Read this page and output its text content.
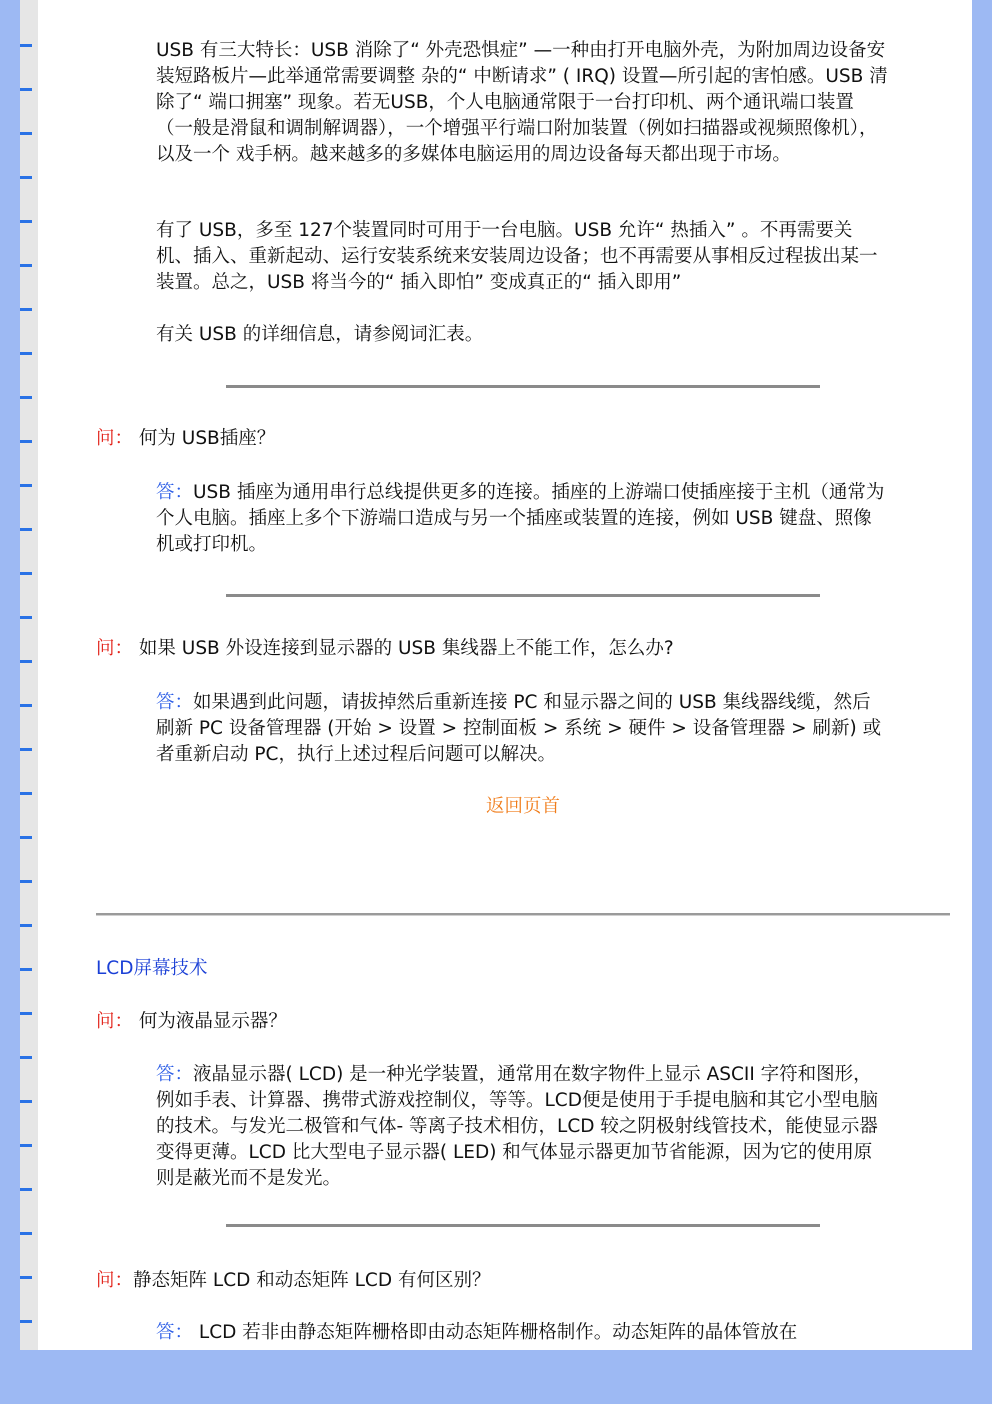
USB 有三大特长：USB 消除了“ 外壳恐惧症” —一种由打开电脑外壳，为附加周边设备安装短路板片—此举通常需要调整 杂的“ 中断请求” ( IRQ) 设置—所引起的害怕感。USB 清除了“ 端口拥塞” 现象。若无USB，个人电脑通常限于一台打印机、两个通讯端口装置（一般是滑鼠和调制解调器），一个增强平行端口附加装置（例如扫描器或视频照像机），以及一个 戏手柄。越来越多的多媒体电脑运用的周边设备每天都出现于市场。

有了 USB，多至 127个装置同时可用于一台电脑。USB 允许“ 热插入” 。不再需要关机、插入、重新起动、运行安装系统来安装周边设备；也不再需要从事相反过程拔出某一装置。总之，USB 将当今的“ 插入即怕” 变成真正的“ 插入即用”

有关 USB 的详细信息，请参阅词汇表。

问： 何为 USB插座？

答：USB 插座为通用串行总线提供更多的连接。插座的上游端口使插座接于主机（通常为个人电脑。插座上多个下游端口造成与另一个插座或装置的连接，例如 USB 键盘、照像机或打印机。

问： 如果 USB 外设连接到显示器的 USB 集线器上不能工作，怎么办?

答：如果遇到此问题，请拔掉然后重新连接 PC 和显示器之间的 USB 集线器线缆，然后刷新 PC 设备管理器 (开始 > 设置 > 控制面板 > 系统 > 硬件 > 设备管理器 > 刷新) 或者重新启动 PC，执行上述过程后问题可以解决。

返回页首

LCD屏幕技术

问： 何为液晶显示器？

答：液晶显示器( LCD) 是一种光学装置，通常用在数字物件上显示 ASCII 字符和图形，例如手表、计算器、携带式游戏控制仪，等等。LCD便是使用于手提电脑和其它小型电脑的技术。与发光二极管和气体- 等离子技术相仿，LCD 较之阴极射线管技术，能使显示器变得更薄。LCD 比大型电子显示器( LED) 和气体显示器更加节省能源，因为它的使用原则是蔽光而不是发光。

问：静态矩阵 LCD 和动态矩阵 LCD 有何区别？

答： LCD 若非由静态矩阵栅格即由动态矩阵栅格制作。动态矩阵的晶体管放在
